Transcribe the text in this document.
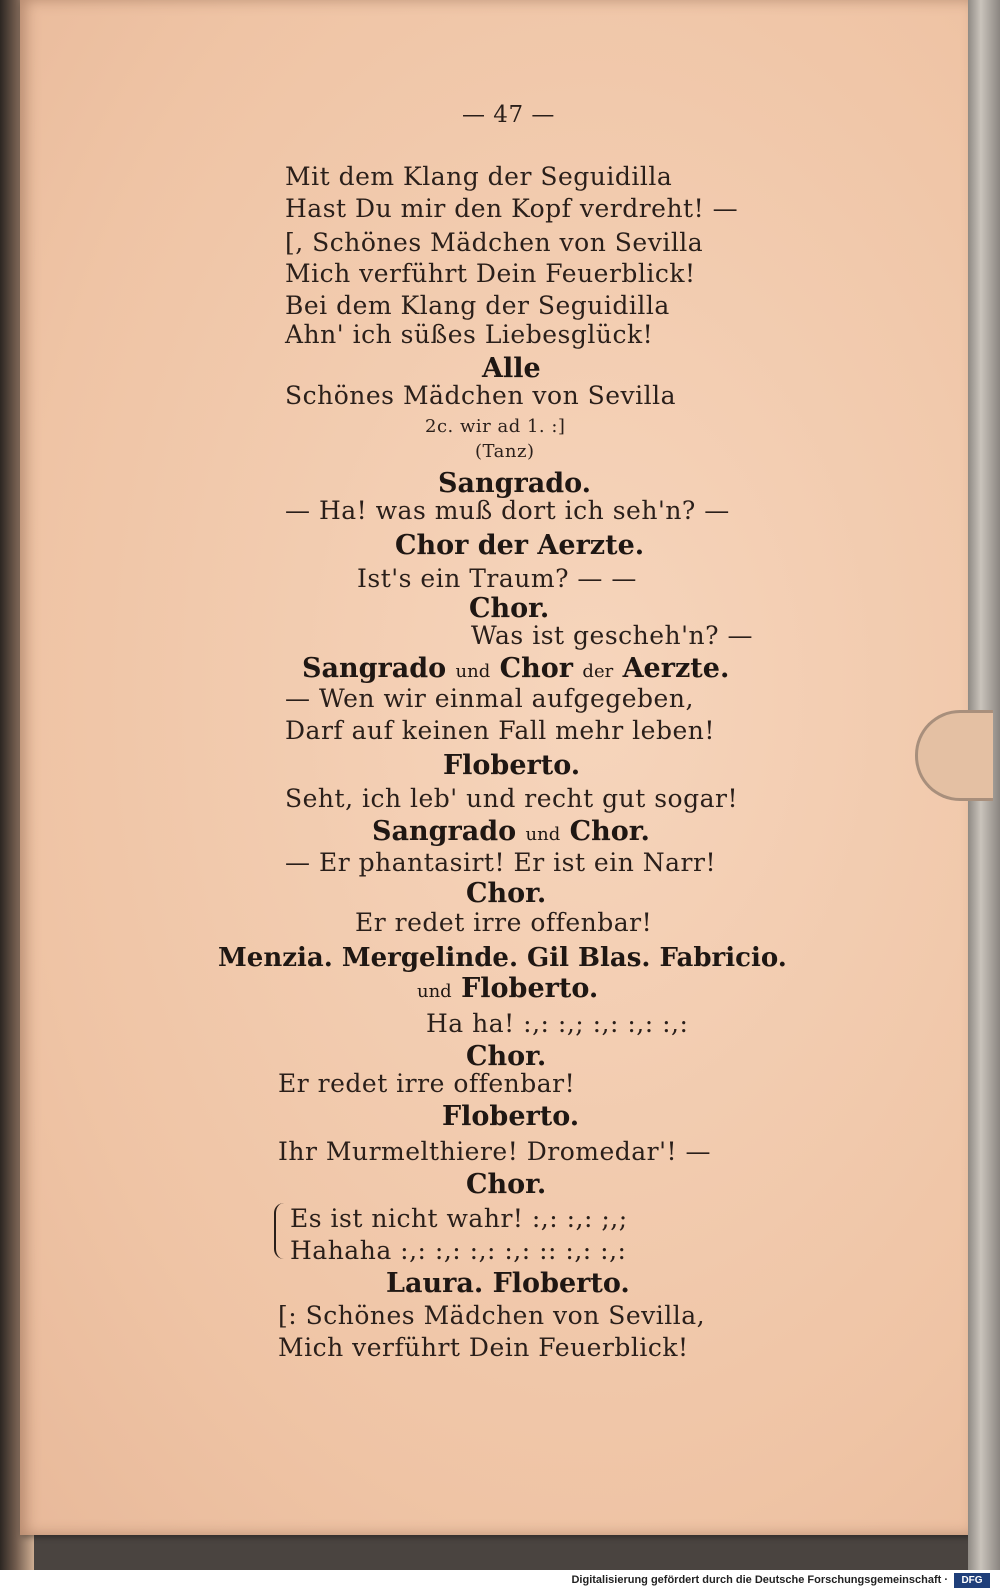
— 47 —
Mit dem Klang der Seguidilla
Hast Du mir den Kopf verdreht! —
[, Schönes Mädchen von Sevilla
Mich verführt Dein Feuerblick!
Bei dem Klang der Seguidilla
Ahn' ich süßes Liebesglück!
Alle
Schönes Mädchen von Sevilla
2c. wir ad 1. :]
(Tanz)
Sangrado.
— Ha! was muß dort ich seh'n? —
Chor der Aerzte.
Ist's ein Traum? — —
Chor.
Was ist gescheh'n? —
Sangrado und Chor der Aerzte.
— Wen wir einmal aufgegeben,
Darf auf keinen Fall mehr leben!
Floberto.
Seht, ich leb' und recht gut sogar!
Sangrado und Chor.
— Er phantasirt! Er ist ein Narr!
Chor.
Er redet irre offenbar!
Menzia. Mergelinde. Gil Blas. Fabricio.
und Floberto.
Ha ha! :,: :,; :,: :,: :,:
Chor.
Er redet irre offenbar!
Floberto.
Ihr Murmelthiere! Dromedar'! —
Chor.
Es ist nicht wahr! :,: :,: ;,;
Hahaha :,: :,: :,: :,: :: :,: :,:
Laura. Floberto.
[: Schönes Mädchen von Sevilla,
Mich verführt Dein Feuerblick!
Digitalisierung gefördert durch die Deutsche Forschungsgemeinschaft ·	DFG
